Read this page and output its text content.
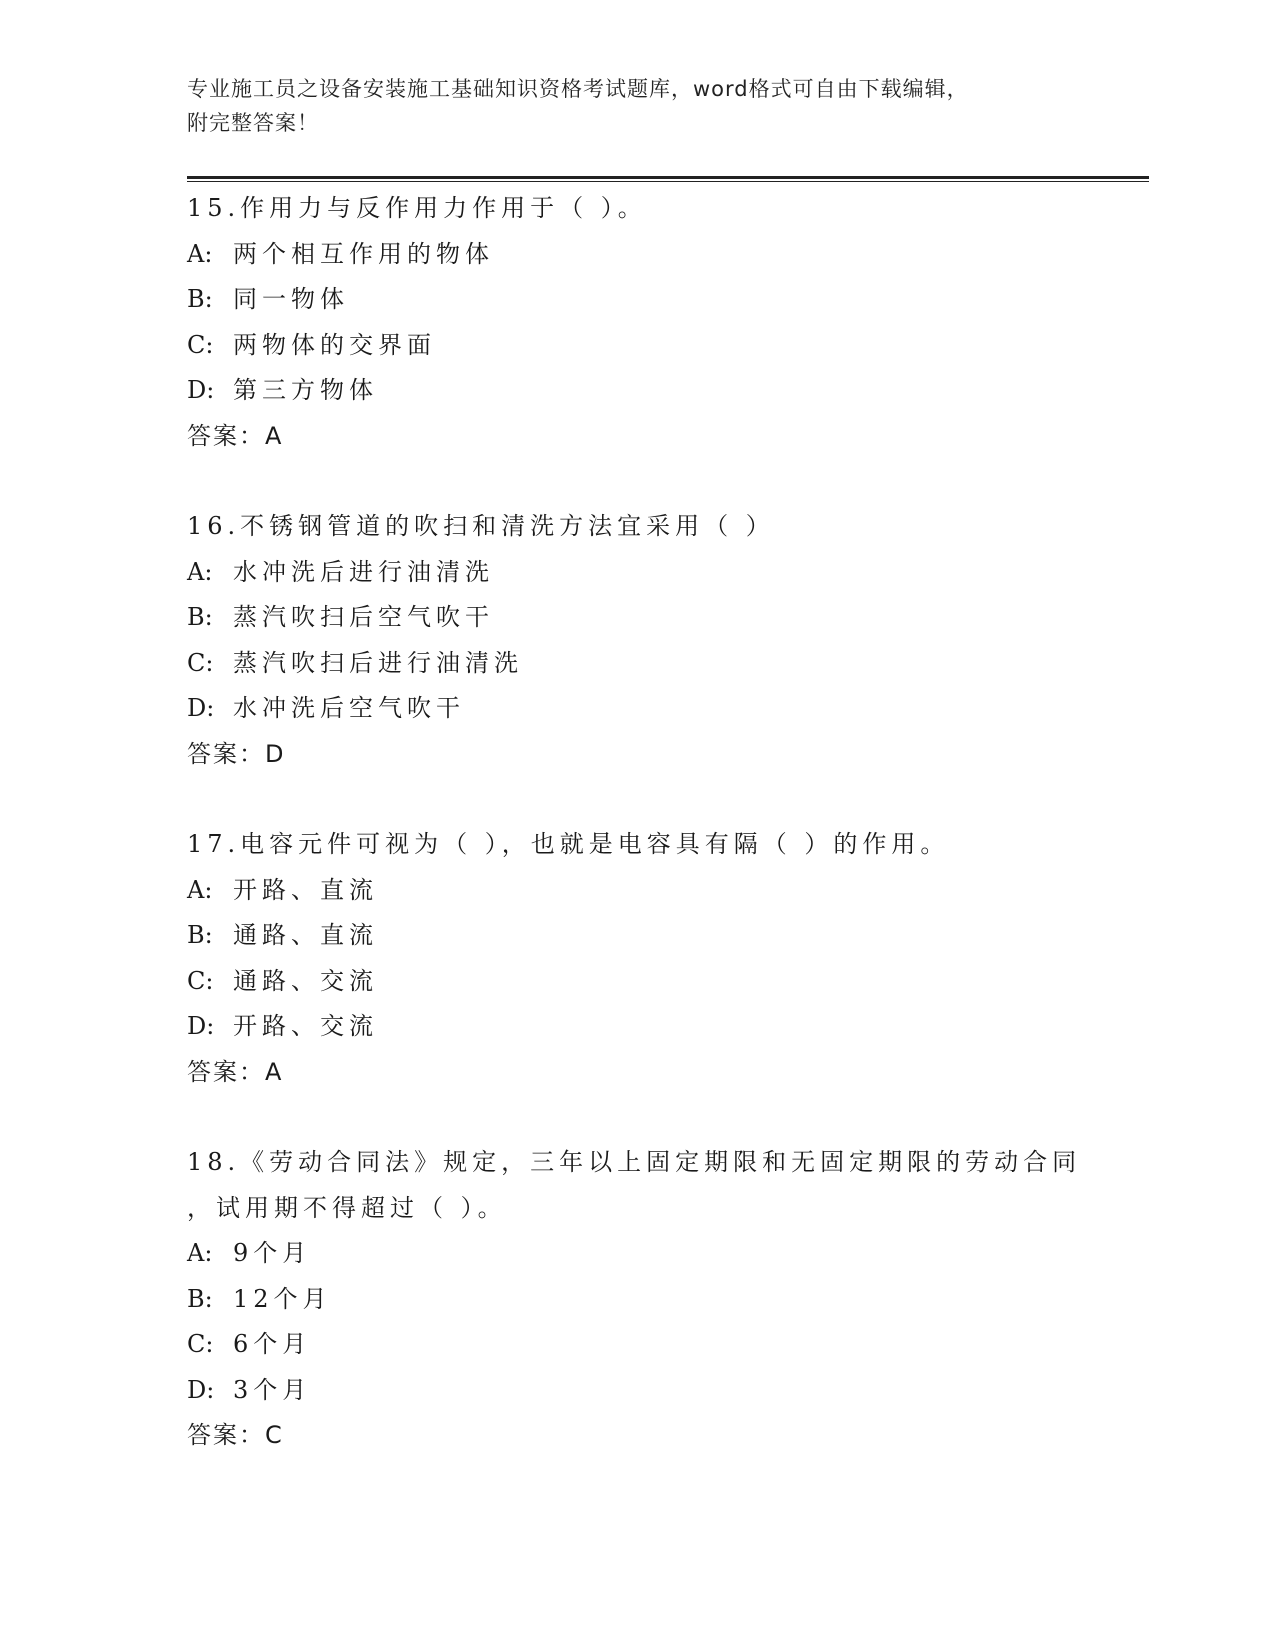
专业施工员之设备安装施工基础知识资格考试题库，word格式可自由下载编辑，
附完整答案！
15.作用力与反作用力作用于（ ）。
A: 两个相互作用的物体
B: 同一物体
C: 两物体的交界面
D: 第三方物体
答案：A
16.不锈钢管道的吹扫和清洗方法宜采用（ ）
A: 水冲洗后进行油清洗
B: 蒸汽吹扫后空气吹干
C: 蒸汽吹扫后进行油清洗
D: 水冲洗后空气吹干
答案：D
17.电容元件可视为（ ），也就是电容具有隔（ ）的作用。
A: 开路、直流
B: 通路、直流
C: 通路、交流
D: 开路、交流
答案：A
18.《劳动合同法》规定，三年以上固定期限和无固定期限的劳动合同
，试用期不得超过（ ）。
A: 9个月
B: 12个月
C: 6个月
D: 3个月
答案：C
